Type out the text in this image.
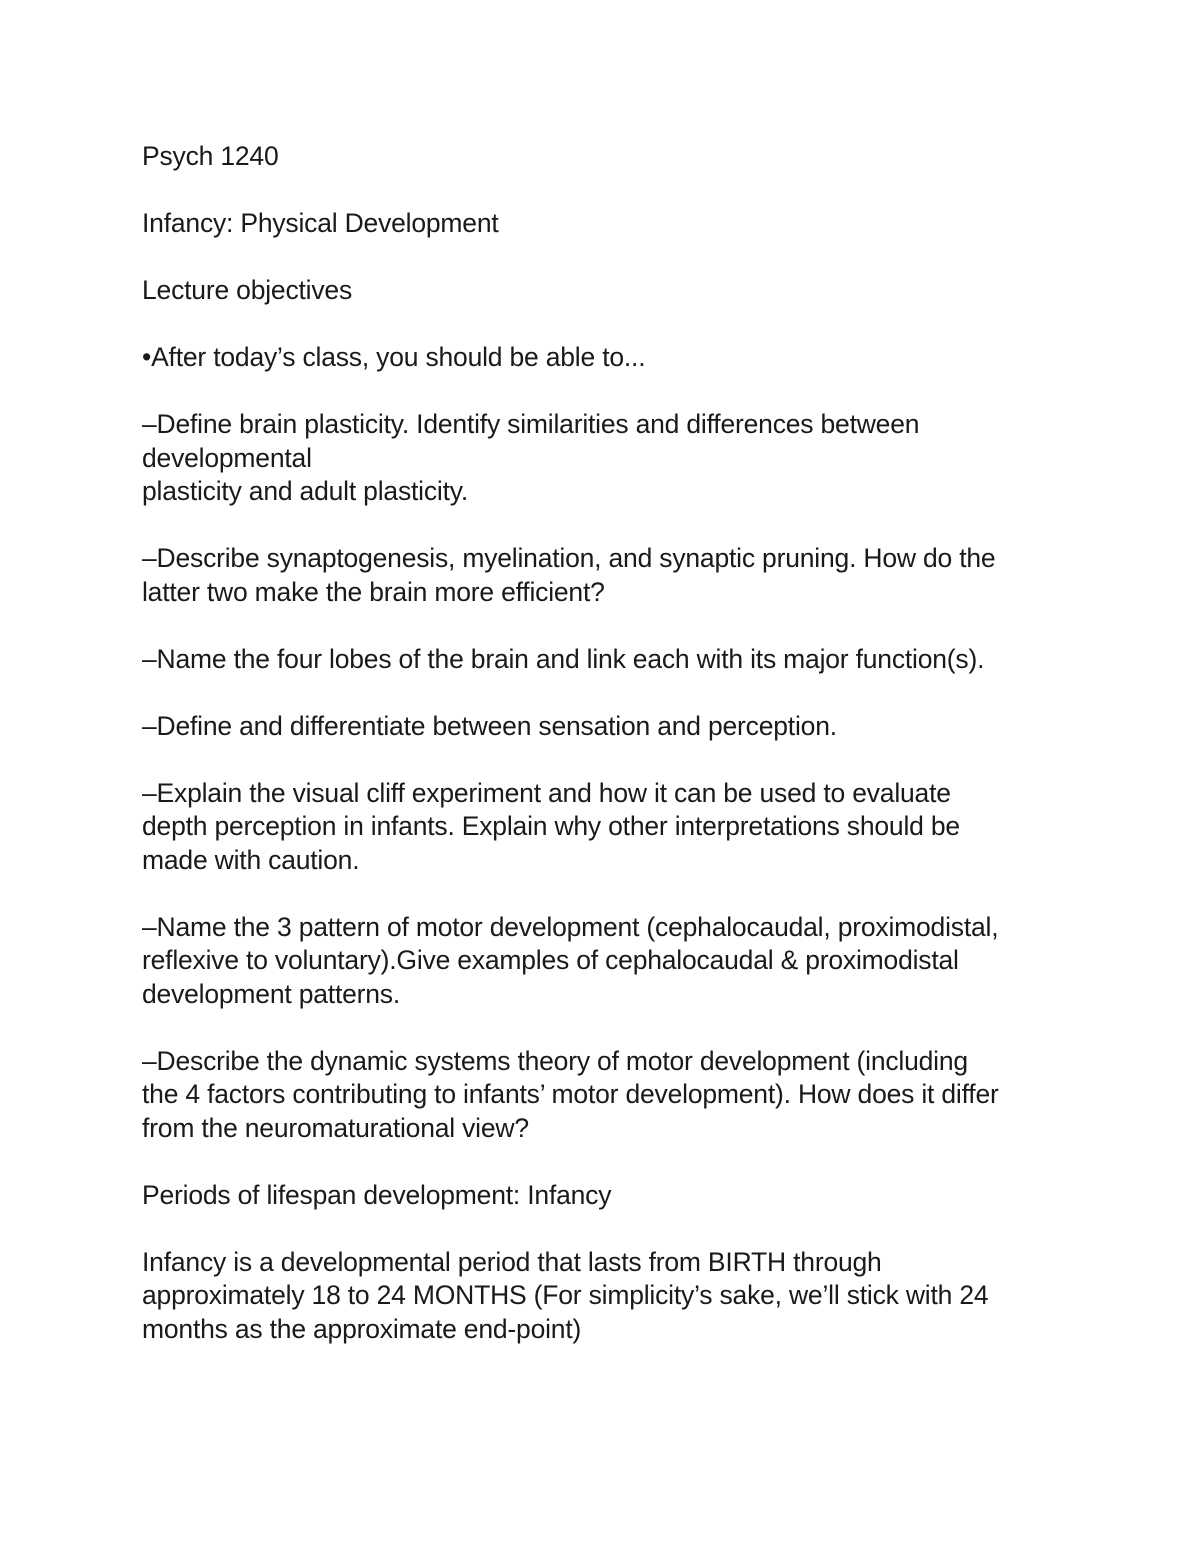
Psych 1240

Infancy: Physical Development

Lecture objectives

•After today’s class, you should be able to...

–Define brain plasticity. Identify similarities and differences between
developmental
plasticity and adult plasticity.

–Describe synaptogenesis, myelination, and synaptic pruning. How do the
latter two make the brain more efficient?

–Name the four lobes of the brain and link each with its major function(s).

–Define and differentiate between sensation and perception.

–Explain the visual cliff experiment and how it can be used to evaluate
depth perception in infants. Explain why other interpretations should be
made with caution.

–Name the 3 pattern of motor development (cephalocaudal, proximodistal,
reflexive to voluntary).Give examples of cephalocaudal & proximodistal
development patterns.

–Describe the dynamic systems theory of motor development (including
the 4 factors contributing to infants’ motor development). How does it differ
from the neuromaturational view?

Periods of lifespan development: Infancy

Infancy is a developmental period that lasts from BIRTH through
approximately 18 to 24 MONTHS (For simplicity’s sake, we’ll stick with 24
months as the approximate end-point)
